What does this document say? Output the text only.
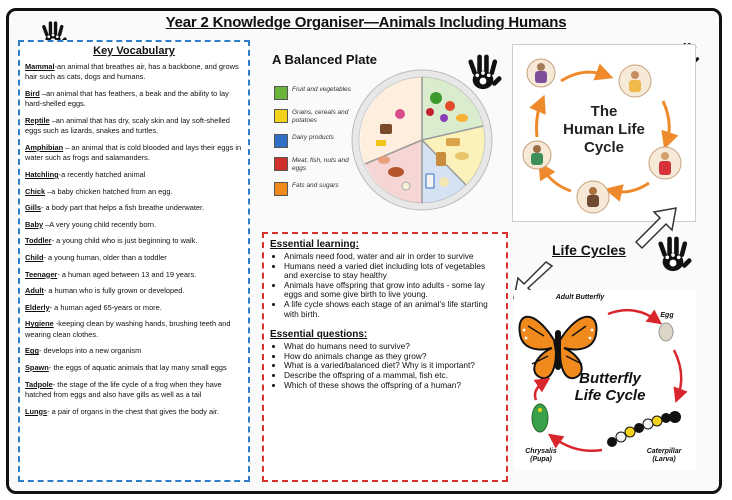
Year 2 Knowledge Organiser—Animals Including Humans
Key Vocabulary
Mammal-an animal that breathes air, has a backbone, and grows hair such as cats, dogs and humans.
Bird –an animal that has feathers, a beak and the ability to lay hard-shelled eggs.
Reptile –an animal that has dry, scaly skin and lay soft-shelled eggs such as lizards, snakes and turtles.
Amphibian – an animal that is cold blooded and lays their eggs in water such as frogs and salamanders.
Hatchling-a recently hatched animal
Chick –a baby chicken hatched from an egg.
Gills- a body part that helps a fish breathe underwater.
Baby –A very young child recently born.
Toddler- a young child who is just beginning to walk.
Child- a young human, older than a toddler
Teenager- a human aged between 13 and 19 years.
Adult- a human who is fully grown or developed.
Elderly- a human aged 65-years or more.
Hygiene -keeping clean by washing hands, brushing teeth and wearing clean clothes.
Egg- develops into a new organism
Spawn- the eggs of aquatic animals that lay many small eggs
Tadpole- the stage of the life cycle of a frog when they have hatched from eggs and also have gills as well as a tail
Lungs- a pair of organs in the chest that gives the body air.
A Balanced Plate
Fruit and vegetables
Grains, cereals and potatoes
Dairy products
Meat, fish, nuts and eggs
Fats and sugars
The
Human Life
Cycle
Essential learning:
• Animals need food, water and air in order to survive
• Humans need a varied diet including lots of vegetables and exercise to stay healthy
• Animals have offspring that grow into adults - some lay eggs and some give birth to live young.
• A life cycle shows each stage of an animal’s life starting with birth.
Essential questions:
• What do humans need to survive?
• How do animals change as they grow?
• What is a varied/balanced diet? Why is it important?
• Describe the offspring of a mammal, fish etc.
• Which of these shows the offspring of a human?
Life Cycles
Adult Butterfly
Egg
Butterfly
Life Cycle
Chrysalis
(Pupa)
Caterpillar
(Larva)
